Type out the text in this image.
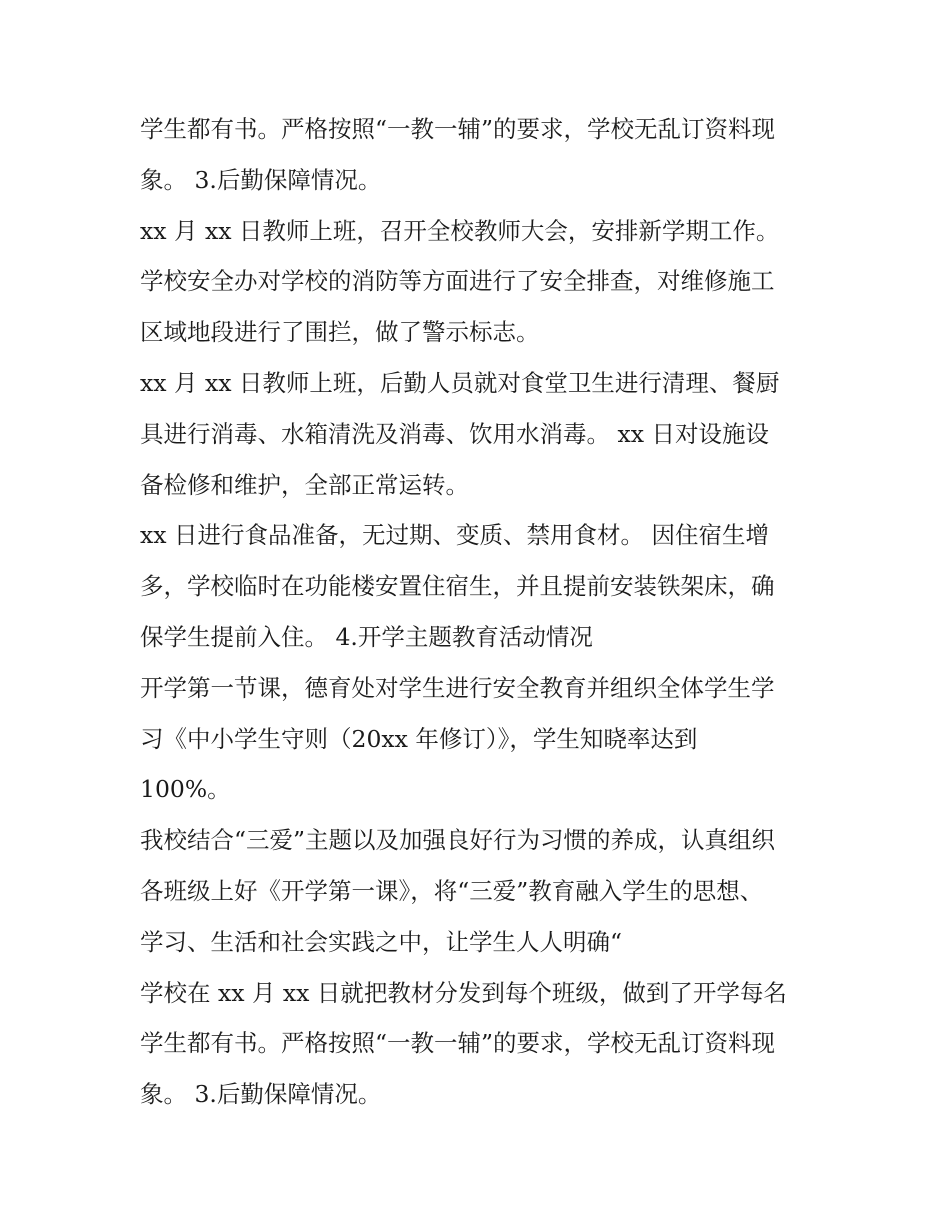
学生都有书。严格按照“一教一辅”的要求，学校无乱订资料现
象。 3.后勤保障情况。
xx 月 xx 日教师上班，召开全校教师大会，安排新学期工作。
学校安全办对学校的消防等方面进行了安全排查，对维修施工
区域地段进行了围拦，做了警示标志。
xx 月 xx 日教师上班，后勤人员就对食堂卫生进行清理、餐厨
具进行消毒、水箱清洗及消毒、饮用水消毒。 xx 日对设施设
备检修和维护，全部正常运转。
xx 日进行食品准备，无过期、变质、禁用食材。 因住宿生增
多，学校临时在功能楼安置住宿生，并且提前安装铁架床，确
保学生提前入住。 4.开学主题教育活动情况
开学第一节课，德育处对学生进行安全教育并组织全体学生学
习《中小学生守则（20xx 年修订）》，学生知晓率达到
100%。
我校结合“三爱”主题以及加强良好行为习惯的养成，认真组织
各班级上好《开学第一课》，将“三爱”教育融入学生的思想、
学习、生活和社会实践之中，让学生人人明确“
学校在 xx 月 xx 日就把教材分发到每个班级，做到了开学每名
学生都有书。严格按照“一教一辅”的要求，学校无乱订资料现
象。 3.后勤保障情况。
